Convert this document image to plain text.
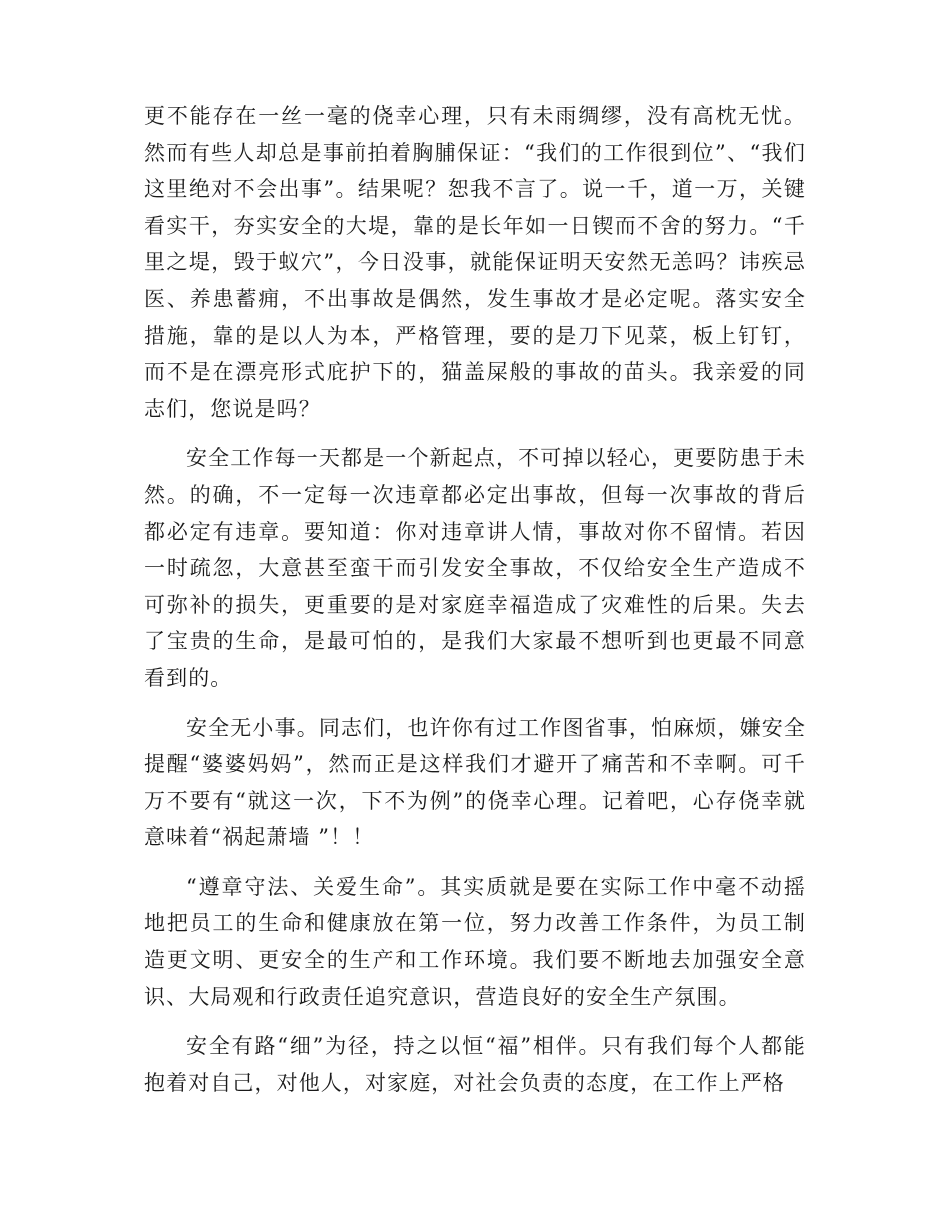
更不能存在一丝一毫的侥幸心理，只有未雨绸缪，没有高枕无忧。然而有些人却总是事前拍着胸脯保证：“我们的工作很到位”、“我们这里绝对不会出事”。结果呢？恕我不言了。说一千，道一万，关键看实干，夯实安全的大堤，靠的是长年如一日锲而不舍的努力。“千里之堤，毁于蚁穴”，今日没事，就能保证明天安然无恙吗？讳疾忌医、养患蓄痈，不出事故是偶然，发生事故才是必定呢。落实安全措施，靠的是以人为本，严格管理，要的是刀下见菜，板上钉钉，而不是在漂亮形式庇护下的，猫盖屎般的事故的苗头。我亲爱的同志们，您说是吗？

安全工作每一天都是一个新起点，不可掉以轻心，更要防患于未然。的确，不一定每一次违章都必定出事故，但每一次事故的背后都必定有违章。要知道：你对违章讲人情，事故对你不留情。若因一时疏忽，大意甚至蛮干而引发安全事故，不仅给安全生产造成不可弥补的损失，更重要的是对家庭幸福造成了灾难性的后果。失去了宝贵的生命，是最可怕的，是我们大家最不想听到也更最不同意看到的。

安全无小事。同志们，也许你有过工作图省事，怕麻烦，嫌安全提醒“婆婆妈妈”，然而正是这样我们才避开了痛苦和不幸啊。可千万不要有“就这一次，下不为例”的侥幸心理。记着吧，心存侥幸就意味着“祸起萧墙 ”！！

“遵章守法、关爱生命”。其实质就是要在实际工作中毫不动摇地把员工的生命和健康放在第一位，努力改善工作条件，为员工制造更文明、更安全的生产和工作环境。我们要不断地去加强安全意识、大局观和行政责任追究意识，营造良好的安全生产氛围。

安全有路“细”为径，持之以恒“福”相伴。只有我们每个人都能抱着对自己，对他人，对家庭，对社会负责的态度，在工作上严格
